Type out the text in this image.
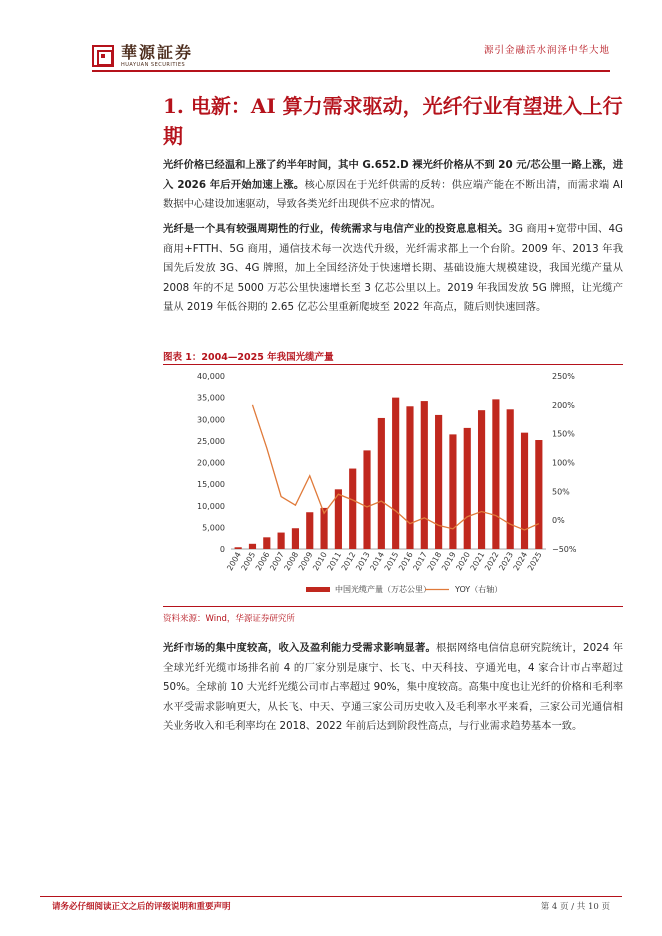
華源証券
HUAYUAN SECURITIES
源引金融活水润泽中华大地
1. 电新：AI 算力需求驱动，光纤行业有望进入上行期

光纤价格已经温和上涨了约半年时间，其中 G.652.D 裸光纤价格从不到 20 元/芯公里一路上涨，进入 2026 年后开始加速上涨。核心原因在于光纤供需的反转：供应端产能在不断出清，而需求端 AI 数据中心建设加速驱动，导致各类光纤出现供不应求的情况。

光纤是一个具有较强周期性的行业，传统需求与电信产业的投资息息相关。3G 商用+宽带中国、4G 商用+FTTH、5G 商用，通信技术每一次迭代升级，光纤需求都上一个台阶。2009 年、2013 年我国先后发放 3G、4G 牌照，加上全国经济处于快速增长期、基础设施大规模建设，我国光缆产量从 2008 年的不足 5000 万芯公里快速增长至 3 亿芯公里以上。2019 年我国发放 5G 牌照，让光缆产量从 2019 年低谷期的 2.65 亿芯公里重新爬坡至 2022 年高点，随后则快速回落。

图表 1：2004—2025 年我国光缆产量
0
5,000
10,000
15,000
20,000
25,000
30,000
35,000
40,000
−50%
0%
50%
100%
150%
200%
250%
2004
2005
2006
2007
2008
2009
2010
2011
2012
2013
2014
2015
2016
2017
2018
2019
2020
2021
2022
2023
2024
2025
中国光缆产量（万芯公里）	YOY（右轴）
资料来源：Wind，华源证券研究所

光纤市场的集中度较高，收入及盈利能力受需求影响显著。根据网络电信信息研究院统计，2024 年全球光纤光缆市场排名前 4 的厂家分别是康宁、长飞、中天科技、亨通光电，4 家合计市占率超过 50%。全球前 10 大光纤光缆公司市占率超过 90%，集中度较高。高集中度也让光纤的价格和毛利率水平受需求影响更大，从长飞、中天、亨通三家公司历史收入及毛利率水平来看，三家公司光通信相关业务收入和毛利率均在 2018、2022 年前后达到阶段性高点，与行业需求趋势基本一致。

请务必仔细阅读正文之后的评级说明和重要声明	第 4 页 / 共 10 页
